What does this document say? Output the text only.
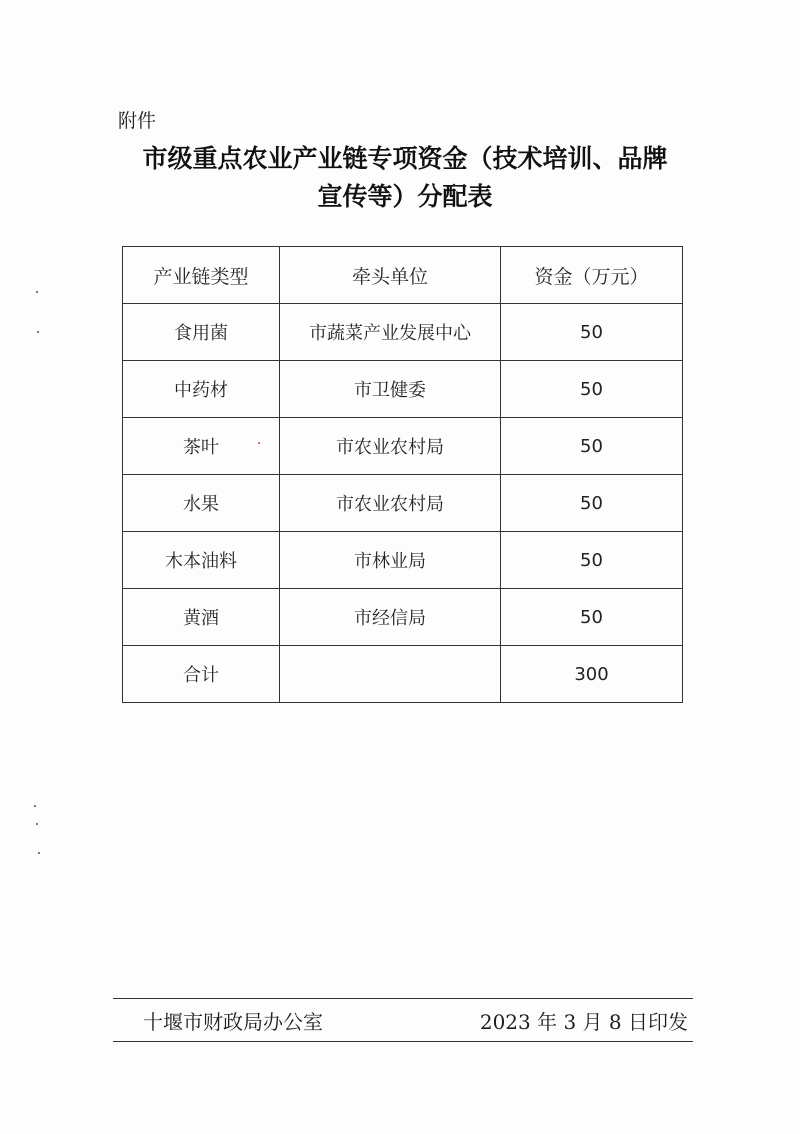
附件
市级重点农业产业链专项资金（技术培训、品牌
宣传等）分配表
产业链类型	牵头单位	资金（万元）
食用菌	市蔬菜产业发展中心	50
中药材	市卫健委	50
茶叶	市农业农村局	50
水果	市农业农村局	50
木本油料	市林业局	50
黄酒	市经信局	50
合计		300
十堰市财政局办公室	2023 年 3 月 8 日印发
